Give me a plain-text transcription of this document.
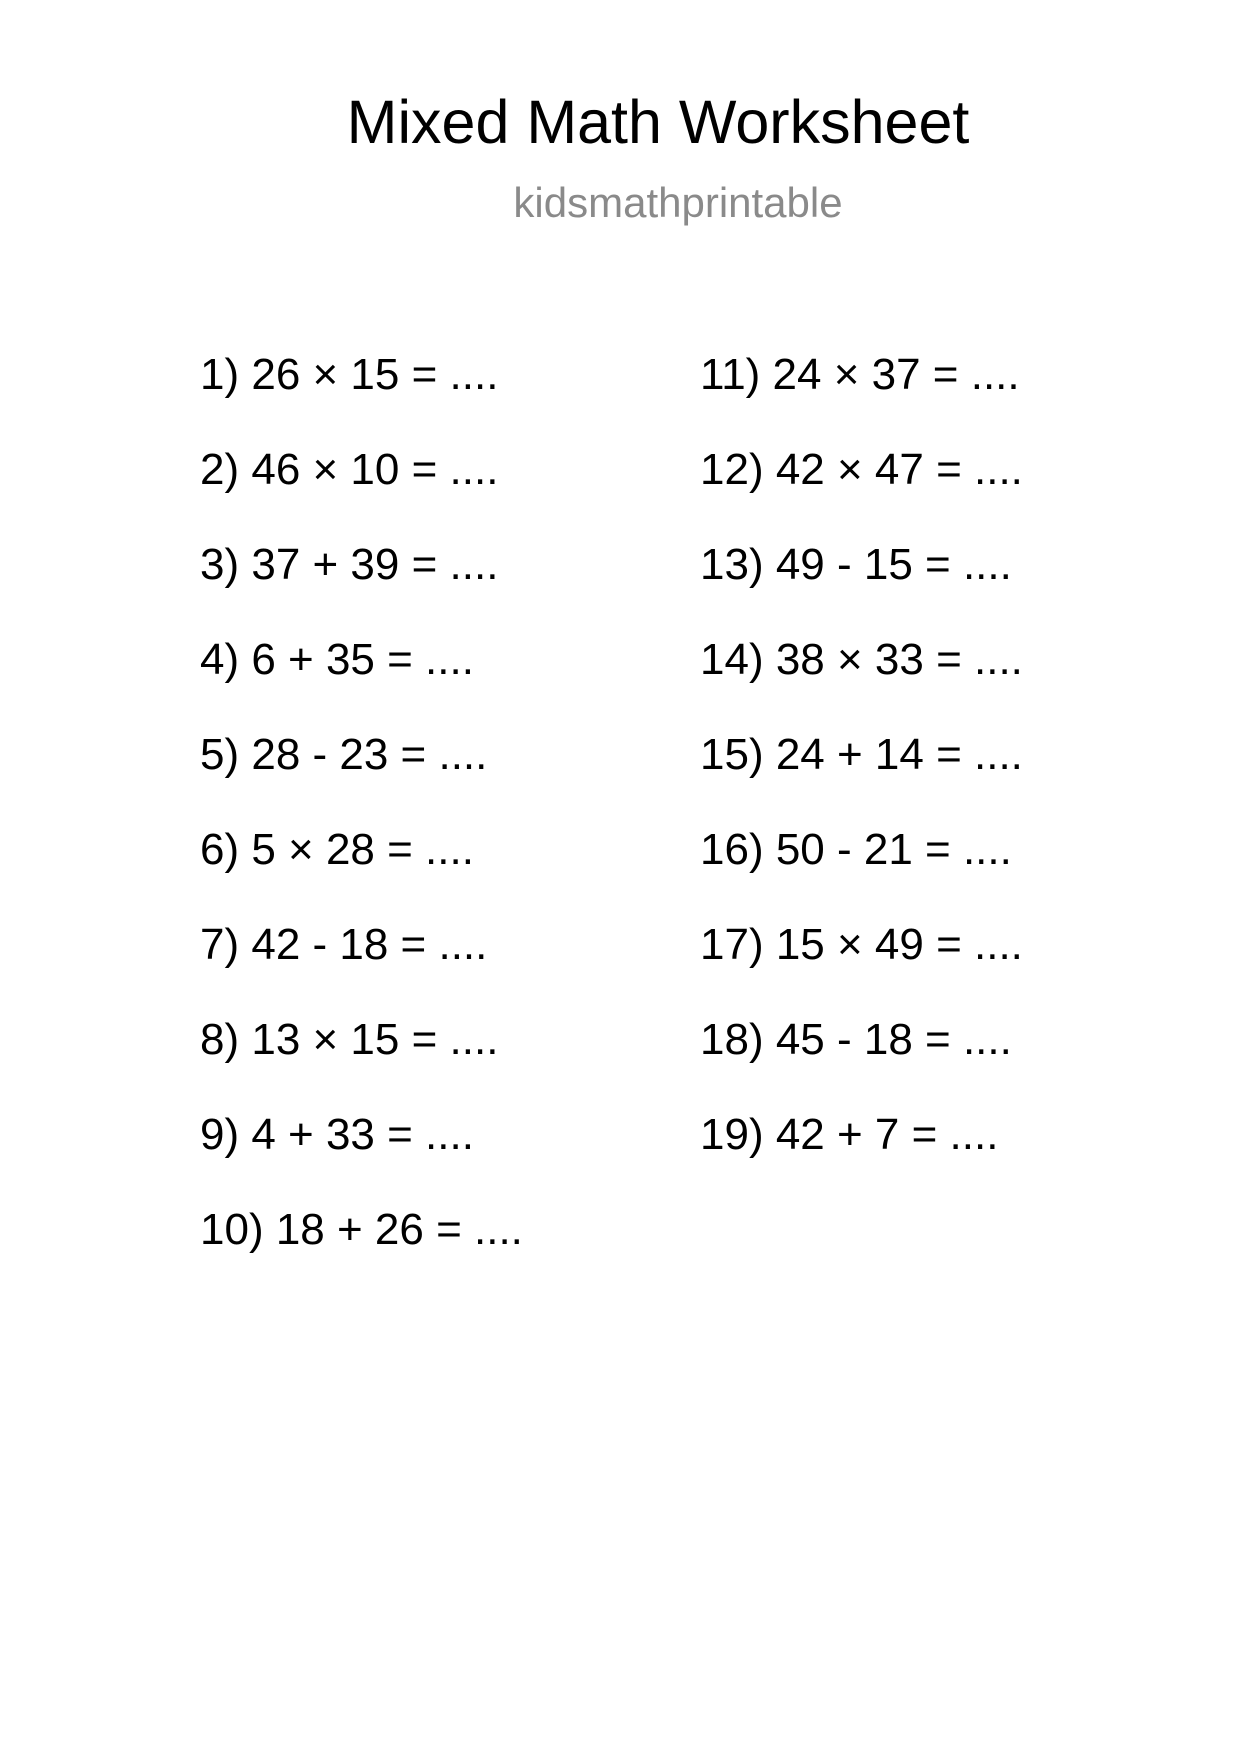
Mixed Math Worksheet
kidsmathprintable
1) 26 × 15 = ....
2) 46 × 10 = ....
3) 37 + 39 = ....
4) 6 + 35 = ....
5) 28 - 23 = ....
6) 5 × 28 = ....
7) 42 - 18 = ....
8) 13 × 15 = ....
9) 4 + 33 = ....
10) 18 + 26 = ....
11) 24 × 37 = ....
12) 42 × 47 = ....
13) 49 - 15 = ....
14) 38 × 33 = ....
15) 24 + 14 = ....
16) 50 - 21 = ....
17) 15 × 49 = ....
18) 45 - 18 = ....
19) 42 + 7 = ....
